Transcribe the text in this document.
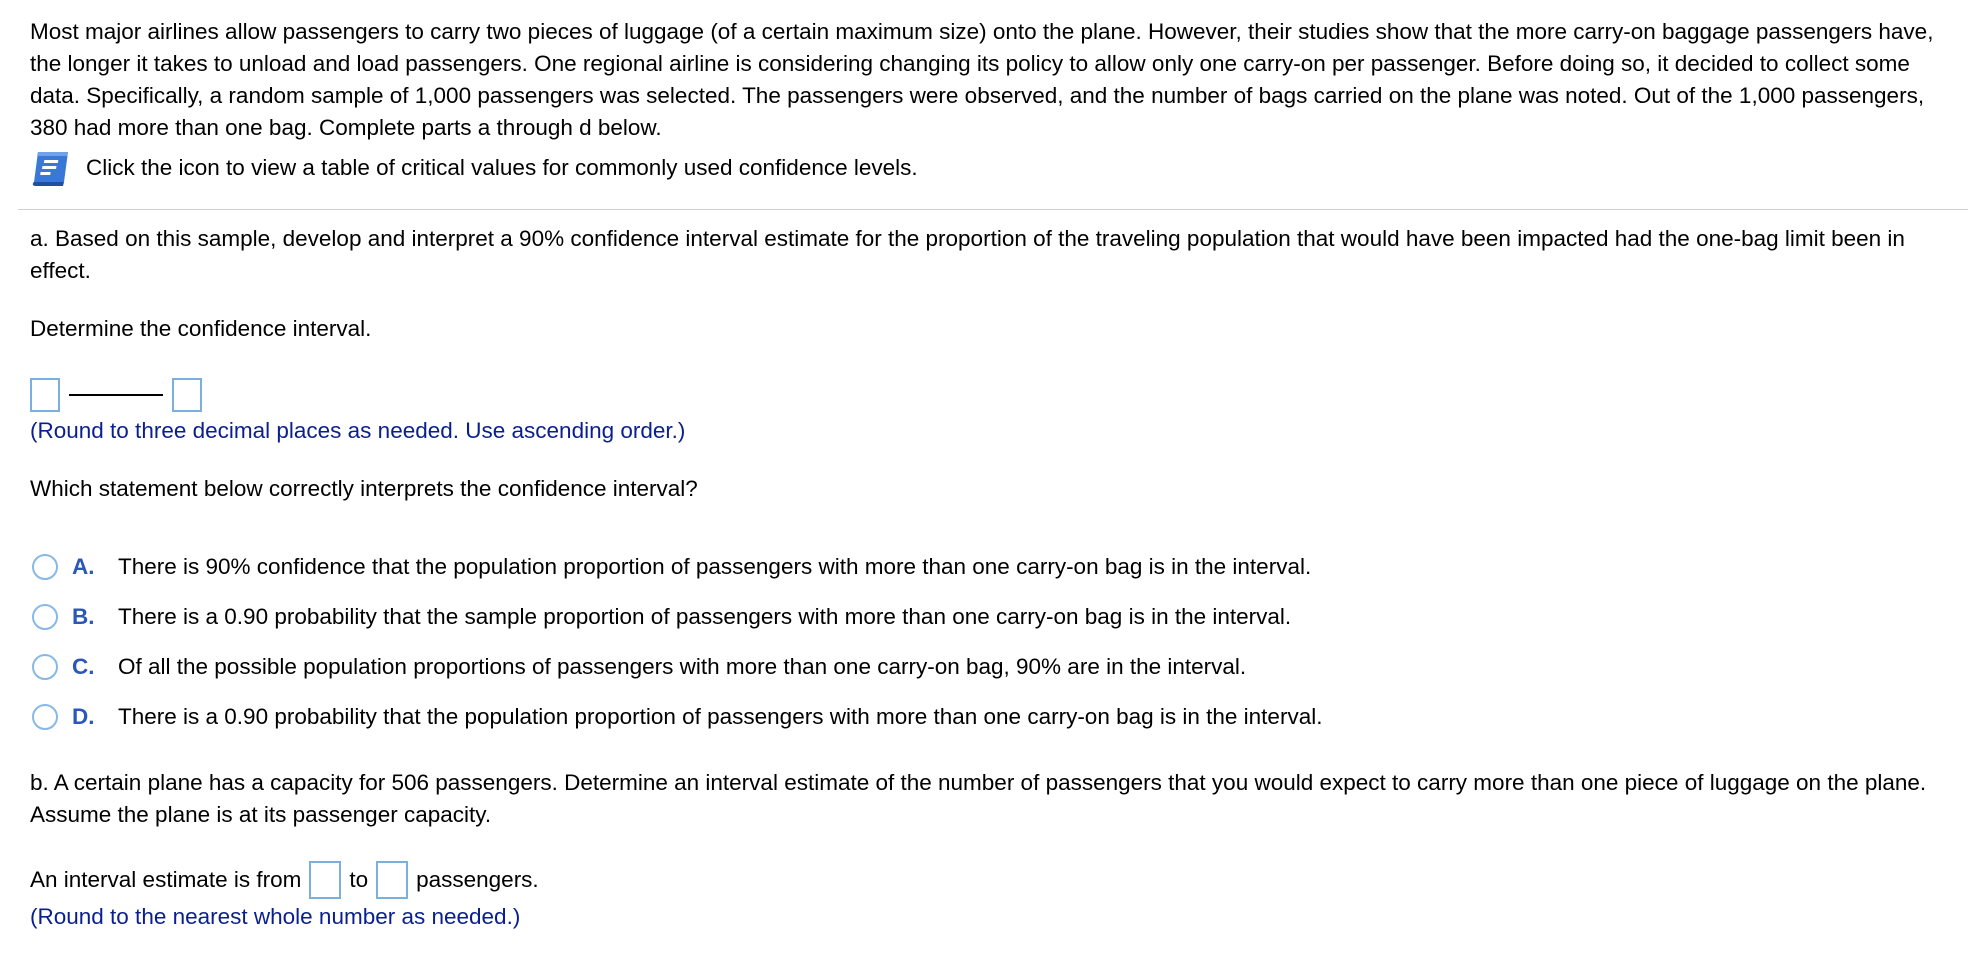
Most major airlines allow passengers to carry two pieces of luggage (of a certain maximum size) onto the plane. However, their studies show that the more carry-on baggage passengers have, the longer it takes to unload and load passengers. One regional airline is considering changing its policy to allow only one carry-on per passenger. Before doing so, it decided to collect some data. Specifically, a random sample of 1,000 passengers was selected. The passengers were observed, and the number of bags carried on the plane was noted. Out of the 1,000 passengers, 380 had more than one bag. Complete parts a through d below.

Click the icon to view a table of critical values for commonly used confidence levels.

a. Based on this sample, develop and interpret a 90% confidence interval estimate for the proportion of the traveling population that would have been impacted had the one-bag limit been in effect.

Determine the confidence interval.

(Round to three decimal places as needed. Use ascending order.)

Which statement below correctly interprets the confidence interval?

A.	There is 90% confidence that the population proportion of passengers with more than one carry-on bag is in the interval.
B.	There is a 0.90 probability that the sample proportion of passengers with more than one carry-on bag is in the interval.
C.	Of all the possible population proportions of passengers with more than one carry-on bag, 90% are in the interval.
D.	There is a 0.90 probability that the population proportion of passengers with more than one carry-on bag is in the interval.

b. A certain plane has a capacity for 506 passengers. Determine an interval estimate of the number of passengers that you would expect to carry more than one piece of luggage on the plane. Assume the plane is at its passenger capacity.

An interval estimate is from to passengers.
(Round to the nearest whole number as needed.)
